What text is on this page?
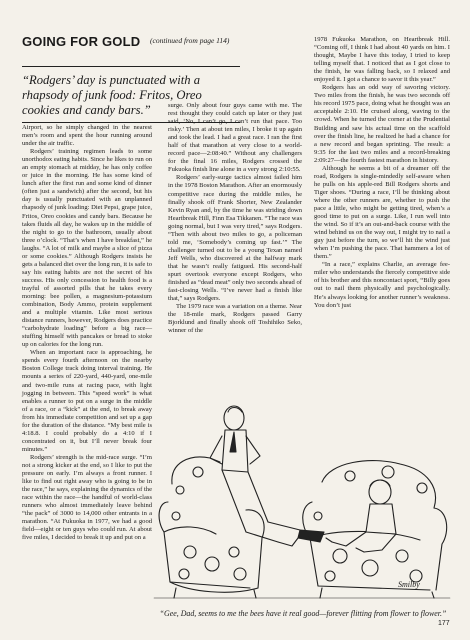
GOING FOR GOLD (continued from page 114)
“Rodgers’ day is punctuated with a rhapsody of junk food: Fritos, Oreo cookies and candy bars.”

Airport, so he simply changed in the nearest men’s room and spent the hour running around under the air traffic.

Rodgers’ training regimen leads to some unorthodox eating habits. Since he likes to run on an empty stomach at midday, he has only coffee or juice in the morning. He has some kind of lunch after the first run and some kind of dinner (often just a sandwich) after the second, but his day is usually punctuated with an unplanned rhapsody of junk loading: Diet Pepsi, grape juice, Fritos, Oreo cookies and candy bars. Because he takes fluids all day, he wakes up in the middle of the night to go to the bathroom, usually about three o’clock. “That’s when I have breakfast,” he laughs. “A lot of milk and maybe a slice of pizza or some cookies.” Although Rodgers insists he gets a balanced diet over the long run, it is safe to say his eating habits are not the secret of his success. His only concession to health food is a trayful of assorted pills that he takes every morning: bee pollen, a magnesium-potassium combination, Body Ammo, protein supplement and a multiple vitamin. Like most serious distance runners, however, Rodgers does practice “carbohydrate loading” before a big race—stuffing himself with pancakes or bread to stoke up on calories for the long run.

When an important race is approaching, he spends every fourth afternoon on the nearby Boston College track doing interval training. He mounts a series of 220-yard, 440-yard, one-mile and two-mile runs at racing pace, with light jogging in between. This “speed work” is what enables a runner to put on a surge in the middle of a race, or a “kick” at the end, to break away from his immediate competition and set up a gap for the duration of the distance. “My best mile is 4:18.8. I could probably do a 4:10 if I concentrated on it, but I’ll never break four minutes.”

Rodgers’ strength is the mid-race surge. “I’m not a strong kicker at the end, so I like to put the pressure on early. I’m always a front runner. I like to find out right away who is going to be in the race,” he says, explaining the dynamics of the race within the race—the handful of world-class runners who almost immediately leave behind “the pack” of 3000 to 14,000 other entrants in a marathon. “At Fukuoka in 1977, we had a good field—eight or ten guys who could run. At about five miles, I decided to break it up and put on a

surge. Only about four guys came with me. The rest thought they could catch up later or they just said, ‘No, I can’t go, I can’t run that pace. Too risky.’ Then at about ten miles, I broke it up again and took the lead. I had a great race. I ran the first half of that marathon at very close to a world-record pace—2:08:40.” Without any challengers for the final 16 miles, Rodgers crossed the Fukuoka finish line alone in a very strong 2:10:55.

Rodgers’ early-surge tactics almost failed him in the 1978 Boston Marathon. After an enormously competitive race during the middle miles, he finally shook off Frank Shorter, New Zealander Kevin Ryan and, by the time he was striding down Heartbreak Hill, Finn Esa Tikkanen. “The race was going normal, but I was very tired,” says Rodgers. “Then with about two miles to go, a policeman told me, ‘Somebody’s coming up fast.’” The challenger turned out to be a young Texan named Jeff Wells, who discovered at the halfway mark that he wasn’t really fatigued. His second-half spurt overtook everyone except Rodgers, who finished as “dead meat” only two seconds ahead of fast-closing Wells. “I’ve never had a finish like that,” says Rodgers.

The 1979 race was a variation on a theme. Near the 18-mile mark, Rodgers passed Garry Bjorklund and finally shook off Toshihiko Seko, winner of the

1978 Fukuoka Marathon, on Heartbreak Hill. “Coming off, I think I had about 40 yards on him. I thought, Maybe I have this today, I tried to keep telling myself that. I noticed that as I got close to the finish, he was falling back, so I relaxed and enjoyed it. I got a chance to savor it this year.”

Rodgers has an odd way of savoring victory. Two miles from the finish, he was two seconds off his record 1975 pace, doing what he thought was an acceptable 2:10. He cruised along, waving to the crowd. When he turned the corner at the Prudential Building and saw his actual time on the scaffold over the finish line, he realized he had a chance for a new record and began sprinting. The result: a 9:35 for the last two miles and a record-breaking 2:09:27—the fourth fastest marathon in history.

Although he seems a bit of a dreamer off the road, Rodgers is single-mindedly self-aware when he pulls on his apple-red Bill Rodgers shorts and Tiger shoes. “During a race, I’ll be thinking about where the other runners are, whether to push the pace a little, who might be getting tired, when’s a good time to put on a surge. Like, I run well into the wind. So if it’s an out-and-back course with the wind behind us on the way out, I might try to nail a guy just before the turn, so we’ll hit the wind just when I’m pushing the pace. That hammers a lot of them.”

“In a race,” explains Charlie, an average fee-miler who understands the fiercely competitive side of his brother and this noncontact sport, “Billy goes out to nail them physically and psychologically. He’s always looking for another runner’s weakness. You don’t just

Smilby
“Gee, Dad, seems to me the bees have it real good—forever flitting from flower to flower.”
177
